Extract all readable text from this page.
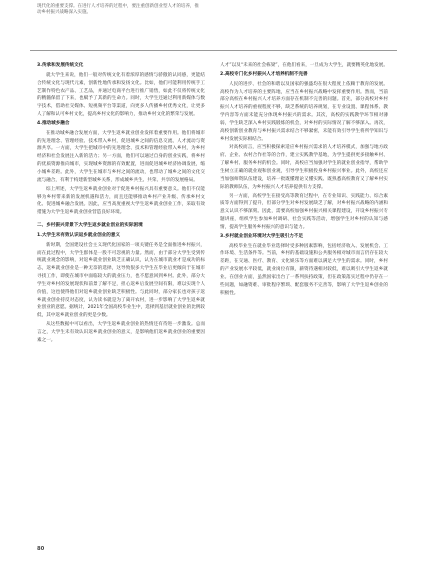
现代化的重要支撑。在进行人才培养的过程中，要注重创新创业型人才的培养，推动乡村振兴战略深入实施。

3.传承和发展传统文化

就大学生来说，他们一般对传统文化有着浓厚的感情与骄傲的认同感，更能结合传统文化与现代元素，创新性地传承和发扬文化。比如，他们可能利用传统手工艺制作特色农产品、工艺品，并通过电商平台进行推广销售，如此不仅将传统文化的精髓保留了下来，也赋予了其新的生命力。同时，大学生还通过利用新媒体与数字技术，借助社交媒体、短视频平台等渠道，向更多人传播乡村优秀文化，让更多人了解和认可乡村文化，提高乡村文化的影响力，推动乡村文化的繁荣与发展。

4.推动城乡融合

在推动城乡融合发展方面，大学生返乡就业创业发挥着重要作用。他们将城市的先进理念、管理经验、技术带入乡村，促进城乡之间的信息交流、人才流动与资源共享。一方面，大学生把城市中的先进理念、技术和管理经验带入乡村，为乡村经济和社会发展注入新的活力；另一方面，他们可以通过自身的创业实践，将乡村的优质资源推向城市，实现城乡资源的有效配置，进而促进城乡经济协调发展，缩小城乡差距。此外，大学生在城市与乡村之间的流动，也带动了城乡之间的文化交流与融合，有利于构建新型城乡关系，形成城乡共生、共荣、共享的发展格局。

综上所述，大学生返乡就业创业对于促进乡村振兴具有重要意义。他们不仅能够为乡村带来新的发展机遇和活力，而且还能够推动乡村产业升级、传承乡村文化、促进城乡融合发展。因此，应当高度重视大学生返乡就业创业工作，采取有效措施为大学生返乡就业创业营造良好环境。

二、乡村振兴背景下大学生返乡就业创业的实际困境

1.大学生未有效认识返乡就业创业的意义

新时期，全国建设社会主义现代化国家的一项关键任务是全面推进乡村振兴，而在此过程中，大学生群体是一股不可忽视的力量。然而，由于部分大学生受到传统就业观念的影响，对返乡就业创业缺乏正确认识，认为在城市就业才是成功的标志，返乡就业创业是一种无奈的选择，这导致很多大学生在毕业后更倾向于在城市寻找工作，即使在城市中面临较大的就业压力，也不愿意回到乡村。此外，部分大学生对乡村的发展现状和前景了解不足，担心返乡后发展空间有限，难以实现个人价值，这也使得他们对返乡就业创业缺乏积极性。与此同时，部分家长也对孩子返乡就业创业持反对态度，认为读书就是为了离开农村，进一步影响了大学生返乡就业创业的意愿。据统计，2021年全国高校毕业生中，选择到基层就业创业的比例较低，其中返乡就业创业的更是少数。

从这些数据中可以看出，大学生返乡就业创业的热情还有待进一步激发。总而言之，大学生未有效认识返乡就业创业的意义，是影响他们返乡就业创业的重要因素之一。

人才”以及“未来的社会栋梁”，在他们看来，一旦成为大学生，就要精英化地发展。

2.高校专门化乡村振兴人才培养机制不完善

人民的进步、社会的和谐以及国家的强盛均在很大程度上依赖于教育的发展。高校作为人才培养的主要阵地，应当在乡村振兴战略中发挥重要作用。然而，当前部分高校在乡村振兴人才培养方面存在机制不完善的问题。首先，部分高校对乡村振兴人才培养的重视程度不够，缺乏系统的培养规划，在专业设置、课程体系、教学内容等方面未能充分体现乡村振兴的需求。其次，高校的实践教学环节相对薄弱，学生缺乏深入乡村实践锻炼的机会，对乡村的实际情况了解不够深入。再次，高校创新创业教育与乡村振兴需求结合不够紧密，未能有效引导学生将所学知识与乡村发展实际相结合。

对高校而言，应当积极探索适应乡村振兴需求的人才培养模式，加强与地方政府、企业、农村合作社等的合作，建立实践教学基地，为学生提供更多接触乡村、了解乡村、服务乡村的机会。同时，高校应当加强对学生的就业创业指导，帮助学生树立正确的就业观和创业观，引导学生积极投身乡村振兴事业。此外，高校还应当加强师资队伍建设，培养一批既懂理论又懂实践、既熟悉高校教育又了解乡村实际的教师队伍，为乡村振兴人才培养提供有力支撑。

另一方面，高校学生在接受高等教育过程中，在专业知识、实践能力、综合素质等方面得到了提升，但部分学生对乡村发展缺乏了解，对乡村振兴战略的内涵和意义认识不够深刻。因此，需要高校加强乡村振兴相关课程建设，开设乡村振兴专题讲座，组织学生参加乡村调研、社会实践等活动，增强学生对乡村的认知与感情，提高学生服务乡村振兴的意识与能力。

3.乡村就业创业环境对大学生吸引力不足

高校毕业生在就业毕业选择时受多种因素影响，包括经济收入、发展机会、工作环境、生活条件等。当前，乡村的基础设施和公共服务相对城市而言仍存在较大差距，在交通、医疗、教育、文化娱乐等方面难以满足大学生的需求。同时，乡村的产业发展水平较低，就业岗位有限，薪资待遇相对较低，难以吸引大学生返乡就业。在创业方面，虽然国家出台了一系列扶持政策，但在政策落实过程中仍存在一些问题，如融资难、审批程序繁琐、配套服务不完善等，影响了大学生返乡创业的积极性。

80
